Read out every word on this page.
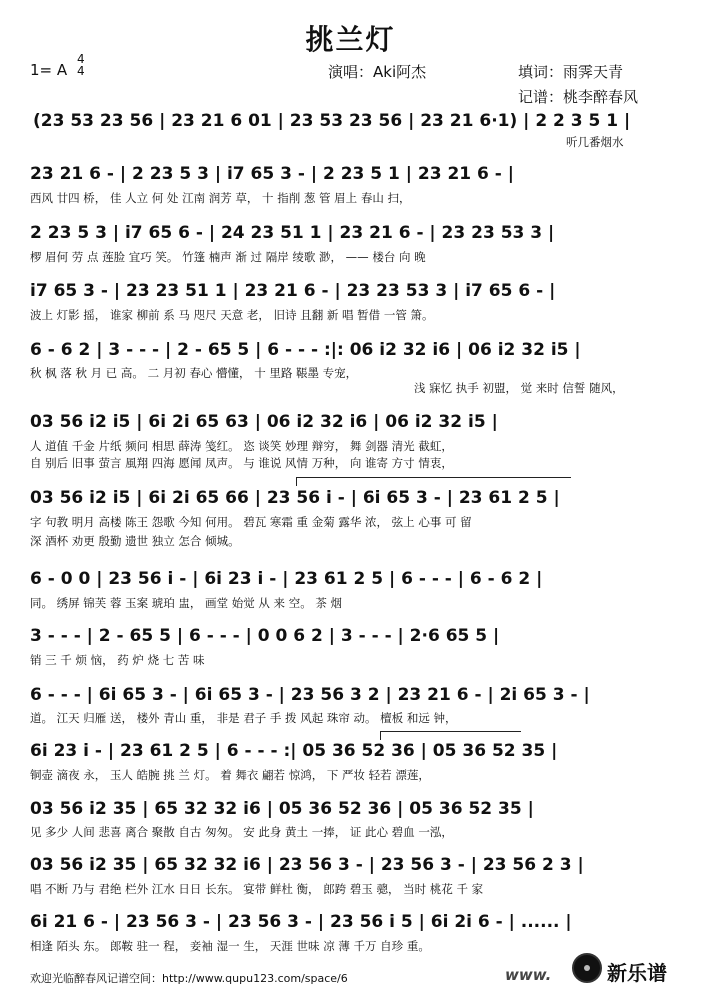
挑兰灯
1= A
4
4	演唱：Aki阿杰	填词：雨霁天青
记谱：桃李醉春风
(23 53 23 56 | 23 21 6 01 | 23 53 23 56 | 23 21 6·1) | 2 2 3 5 1 |
听几番烟水
23 21 6 - | 2 23 5 3 | i7 65 3 - | 2 23 5 1 | 23 21 6 - |
西风 廿四 桥， 佳 人立 何 处 江南 润芳 草， 十 指削 葱 管 眉上 春山 扫，
2 23 5 3 | i7 65 6 - | 24 23 51 1 | 23 21 6 - | 23 23 53 3 |
椤 眉何 劳 点 莲脸 宜巧 笑。 竹篷 楠声 渐 过 隔岸 绫歌 渺， —— 楼台 向 晚
i7 65 3 - | 23 23 51 1 | 23 21 6 - | 23 23 53 3 | i7 65 6 - |
波上 灯影 摇， 谁家 柳前 系 马 咫尺 天意 老， 旧诗 且翻 新 唱 暂借 一管 箫。
6 - 6 2 | 3 - - - | 2 - 65 5 | 6 - - - :|: 06 i2 32 i6 | 06 i2 32 i5 |
秋 枫 落 秋 月 已 高。 二 月初 春心 懵懂， 十 里路 䩨墨 专宠，
浅 寐忆 执手 初盟， 觉 来时 信誓 随风，
03 56 i2 i5 | 6i 2i 65 63 | 06 i2 32 i6 | 06 i2 32 i5 |
人 道值 千金 片纸 频问 相思 薛涛 笺红。 恣 谈笑 妙理 辩穷， 舞 剑器 清光 截虹，
自 别后 旧事 萤言 風翔 四海 愿闻 凤声。 与 谁说 风情 万种， 向 谁寄 方寸 情衷，
03 56 i2 i5 | 6i 2i 65 66 | 23 56 i - | 6i 65 3 - | 23 61 2 5 |
字 句教 明月 高楼 陈王 怨歌 今知 何用。 碧瓦 寒霜 重 金菊 露华 浓， 弦上 心事 可 留
深 酒杯 劝更 殷勤 遗世 独立 怎合 倾城。
6 - 0 0 | 23 56 i - | 6i 23 i - | 23 61 2 5 | 6 - - - | 6 - 6 2 |
同。 绣屏 锦芙 蓉 玉案 琥珀 盅， 画堂 始觉 从 来 空。 茶 烟
3 - - - | 2 - 65 5 | 6 - - - | 0 0 6 2 | 3 - - - | 2·6 65 5 |
销 三 千 烦 恼， 药 炉 烧 七 苦 味
6 - - - | 6i 65 3 - | 6i 65 3 - | 23 56 3 2 | 23 21 6 - | 2i 65 3 - |
道。 江天 归雁 送， 楼外 青山 重， 非是 君子 手 拨 风起 珠帘 动。 檀板 和远 钟，
6i 23 i - | 23 61 2 5 | 6 - - - :| 05 36 52 36 | 05 36 52 35 |
铜壶 滴夜 永， 玉人 皓腕 挑 兰 灯。 着 舞衣 翩若 惊鸿， 下 严妆 轻若 漂莲，
03 56 i2 35 | 65 32 32 i6 | 05 36 52 36 | 05 36 52 35 |
见 多少 人间 悲喜 离合 聚散 自古 匆匆。 安 此身 黄土 一捧， 证 此心 碧血 一泓，
03 56 i2 35 | 65 32 32 i6 | 23 56 3 - | 23 56 3 - | 23 56 2 3 |
唱 不断 乃与 君绝 栏外 江水 日日 长东。 宴带 鲜杜 衡， 郎跨 碧玉 骢， 当时 桃花 千 家
6i 21 6 - | 23 56 3 - | 23 56 3 - | 23 56 i 5 | 6i 2i 6 - | ...... |
相逢 陌头 东。 郎鞍 驻一 程， 妾袖 湿一 生， 天涯 世味 凉 薄 千万 自珍 重。
欢迎光临醉春风记谱空间：http://www.qupu123.com/space/6	www.	新乐谱
